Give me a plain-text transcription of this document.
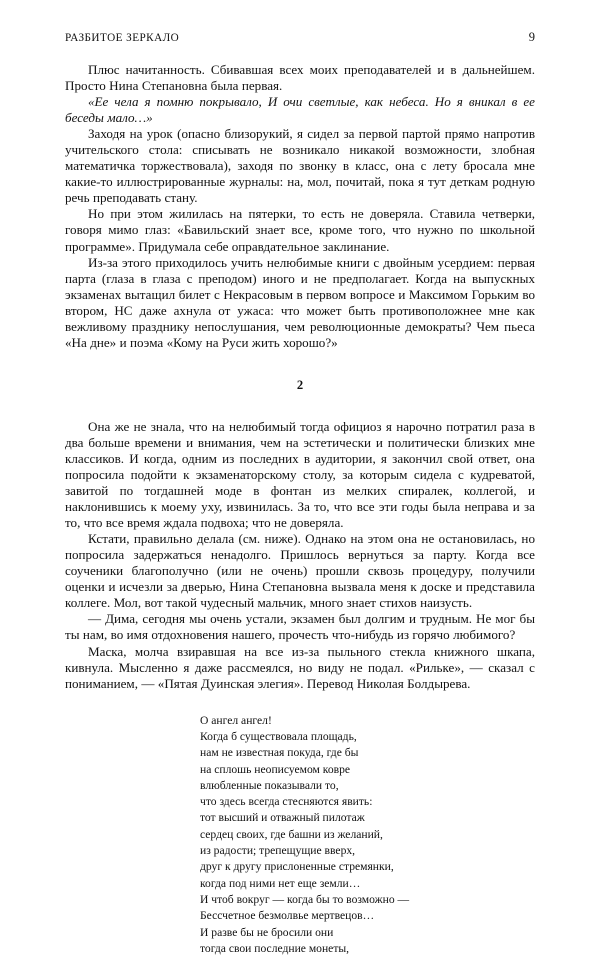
РАЗБИТОЕ ЗЕРКАЛО	9

Плюс начитанность. Сбивавшая всех моих преподавателей и в дальнейшем. Просто Нина Степановна была первая.

«Ее чела я помню покрывало, И очи светлые, как небеса. Но я вникал в ее беседы мало…»

Заходя на урок (опасно близорукий, я сидел за первой партой прямо напротив учительского стола: списывать не возникало никакой возможности, злобная математичка торжествовала), заходя по звонку в класс, она с лету бросала мне какие-то иллюстрированные журналы: на, мол, почитай, пока я тут деткам родную речь преподавать стану.

Но при этом жилилась на пятерки, то есть не доверяла. Ставила четверки, говоря мимо глаз: «Бавильский знает все, кроме того, что нужно по школьной программе». Придумала себе оправдательное заклинание.

Из-за этого приходилось учить нелюбимые книги с двойным усердием: первая парта (глаза в глаза с преподом) иного и не предполагает. Когда на выпускных экзаменах вытащил билет с Некрасовым в первом вопросе и Максимом Горьким во втором, НС даже ахнула от ужаса: что может быть противоположнее мне как вежливому празднику непослушания, чем революционные демократы? Чем пьеса «На дне» и поэма «Кому на Руси жить хорошо?»

2

Она же не знала, что на нелюбимый тогда официоз я нарочно потратил раза в два больше времени и внимания, чем на эстетически и политически близких мне классиков. И когда, одним из последних в аудитории, я закончил свой ответ, она попросила подойти к экзаменаторскому столу, за которым сидела с кудреватой, завитой по тогдашней моде в фонтан из мелких спиралек, коллегой, и наклонившись к моему уху, извинилась. За то, что все эти годы была неправа и за то, что все время ждала подвоха; что не доверяла.

Кстати, правильно делала (см. ниже). Однако на этом она не остановилась, но попросила задержаться ненадолго. Пришлось вернуться за парту. Когда все соученики благополучно (или не очень) прошли сквозь процедуру, получили оценки и исчезли за дверью, Нина Степановна вызвала меня к доске и представила коллеге. Мол, вот такой чудесный мальчик, много знает стихов наизусть.

— Дима, сегодня мы очень устали, экзамен был долгим и трудным. Не мог бы ты нам, во имя отдохновения нашего, прочесть что-нибудь из горячо любимого?

Маска, молча взиравшая на все из-за пыльного стекла книжного шкапа, кивнула. Мысленно я даже рассмеялся, но виду не подал. «Рильке», — сказал с пониманием, — «Пятая Дуинская элегия». Перевод Николая Болдырева.

О ангел ангел!
Когда б существовала площадь,
нам не известная покуда, где бы
на сплошь неописуемом ковре
влюбленные показывали то,
что здесь всегда стесняются явить:
тот высший и отважный пилотаж
сердец своих, где башни из желаний,
из радости; трепещущие вверх,
друг к другу прислоненные стремянки,
когда под ними нет еще земли…
И чтоб вокруг — когда бы то возможно —
Бессчетное безмолвье мертвецов…
И разве бы не бросили они
тогда свои последние монеты,
